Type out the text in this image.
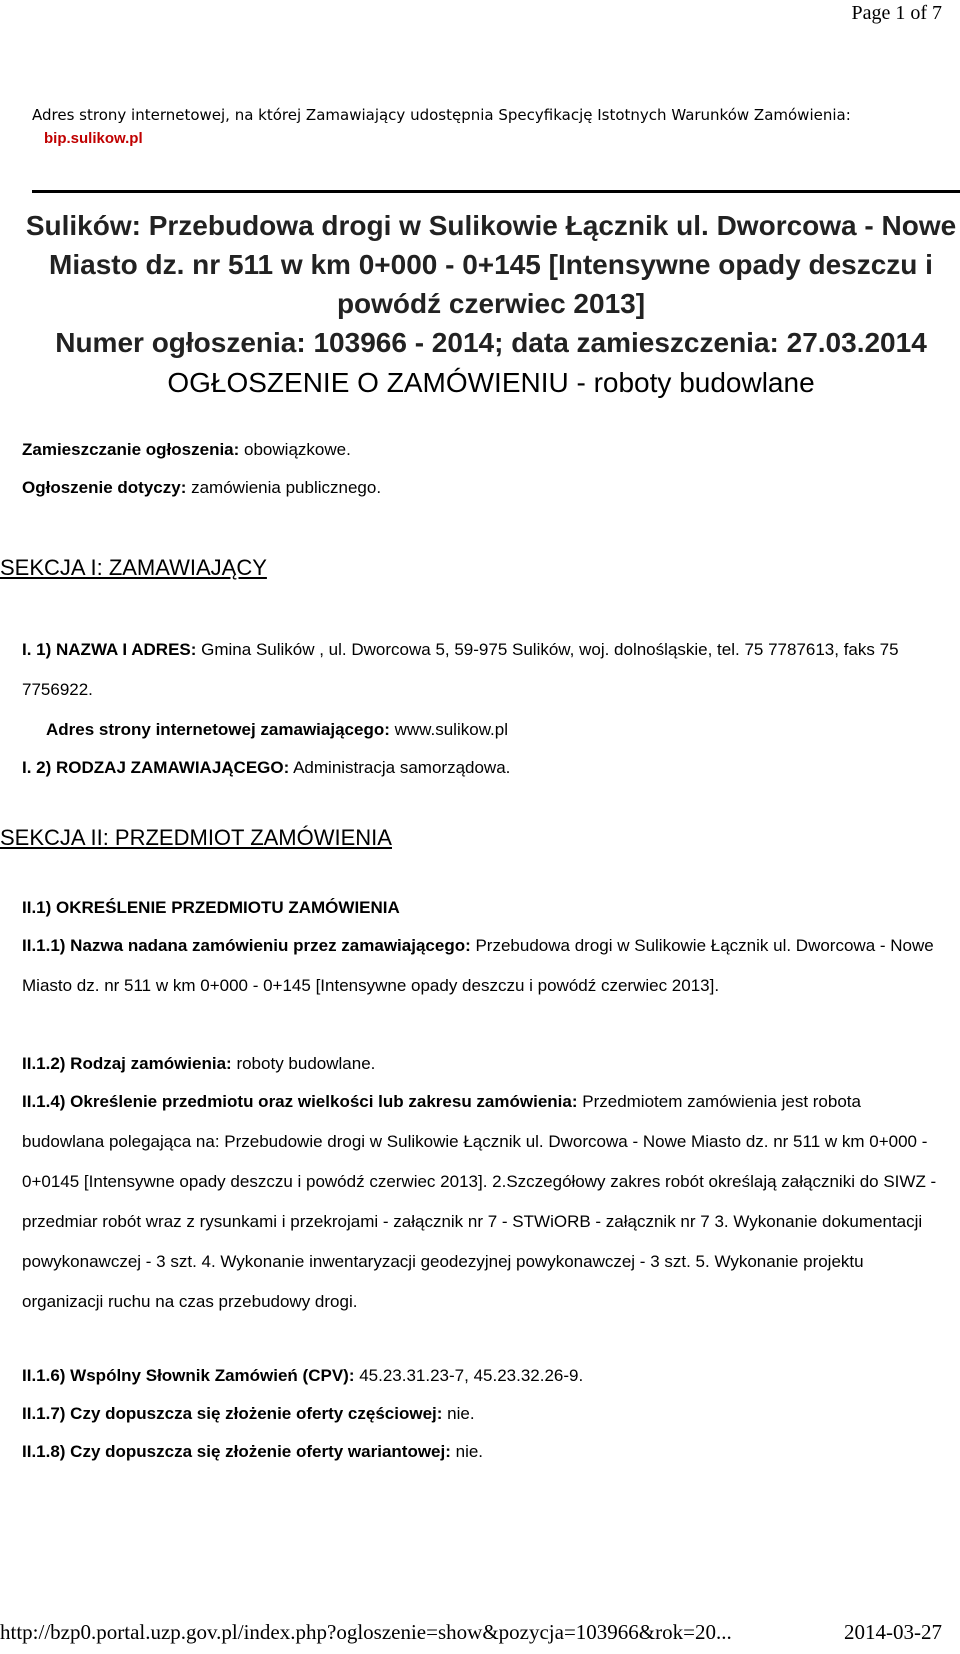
Page 1 of 7
Adres strony internetowej, na której Zamawiający udostępnia Specyfikację Istotnych Warunków Zamówienia:
bip.sulikow.pl
Sulików: Przebudowa drogi w Sulikowie Łącznik ul. Dworcowa - Nowe Miasto dz. nr 511 w km 0+000 - 0+145 [Intensywne opady deszczu i powódź czerwiec 2013]
Numer ogłoszenia: 103966 - 2014; data zamieszczenia: 27.03.2014
OGŁOSZENIE O ZAMÓWIENIU - roboty budowlane
Zamieszczanie ogłoszenia: obowiązkowe.
Ogłoszenie dotyczy: zamówienia publicznego.
SEKCJA I: ZAMAWIAJĄCY
I. 1) NAZWA I ADRES: Gmina Sulików , ul. Dworcowa 5, 59-975 Sulików, woj. dolnośląskie, tel. 75 7787613, faks 75 7756922.
Adres strony internetowej zamawiającego: www.sulikow.pl
I. 2) RODZAJ ZAMAWIAJĄCEGO: Administracja samorządowa.
SEKCJA II: PRZEDMIOT ZAMÓWIENIA
II.1) OKREŚLENIE PRZEDMIOTU ZAMÓWIENIA
II.1.1) Nazwa nadana zamówieniu przez zamawiającego: Przebudowa drogi w Sulikowie Łącznik ul. Dworcowa - Nowe Miasto dz. nr 511 w km 0+000 - 0+145 [Intensywne opady deszczu i powódź czerwiec 2013].
II.1.2) Rodzaj zamówienia: roboty budowlane.
II.1.4) Określenie przedmiotu oraz wielkości lub zakresu zamówienia: Przedmiotem zamówienia jest robota budowlana polegająca na: Przebudowie drogi w Sulikowie Łącznik ul. Dworcowa - Nowe Miasto dz. nr 511 w km 0+000 - 0+0145 [Intensywne opady deszczu i powódź czerwiec 2013]. 2.Szczegółowy zakres robót określają załączniki do SIWZ - przedmiar robót wraz z rysunkami i przekrojami - załącznik nr 7 - STWiORB - załącznik nr 7 3. Wykonanie dokumentacji powykonawczej - 3 szt. 4. Wykonanie inwentaryzacji geodezyjnej powykonawczej - 3 szt. 5. Wykonanie projektu organizacji ruchu na czas przebudowy drogi.
II.1.6) Wspólny Słownik Zamówień (CPV): 45.23.31.23-7, 45.23.32.26-9.
II.1.7) Czy dopuszcza się złożenie oferty częściowej: nie.
II.1.8) Czy dopuszcza się złożenie oferty wariantowej: nie.
http://bzp0.portal.uzp.gov.pl/index.php?ogloszenie=show&pozycja=103966&rok=20...	2014-03-27
